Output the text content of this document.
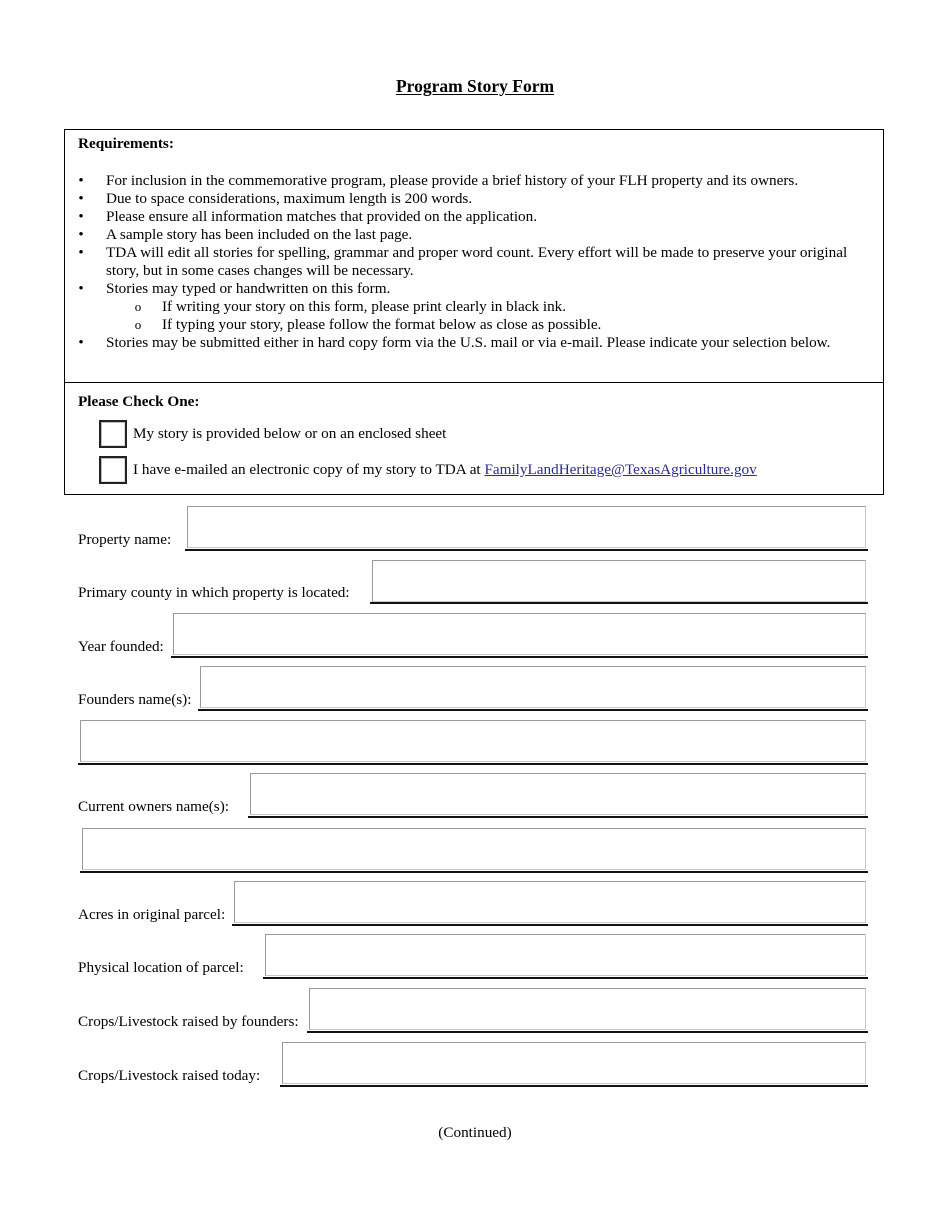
Program Story Form
Requirements:
• For inclusion in the commemorative program, please provide a brief history of your FLH property and its owners.
• Due to space considerations, maximum length is 200 words.
• Please ensure all information matches that provided on the application.
• A sample story has been included on the last page.
• TDA will edit all stories for spelling, grammar and proper word count. Every effort will be made to preserve your original story, but in some cases changes will be necessary.
• Stories may typed or handwritten on this form.
o If writing your story on this form, please print clearly in black ink.
o If typing your story, please follow the format below as close as possible.
• Stories may be submitted either in hard copy form via the U.S. mail or via e-mail. Please indicate your selection below.
Please Check One:
My story is provided below or on an enclosed sheet
I have e-mailed an electronic copy of my story to TDA at FamilyLandHeritage@TexasAgriculture.gov
Property name:
Primary county in which property is located:
Year founded:
Founders name(s):
Current owners name(s):
Acres in original parcel:
Physical location of parcel:
Crops/Livestock raised by founders:
Crops/Livestock raised today:
(Continued)
